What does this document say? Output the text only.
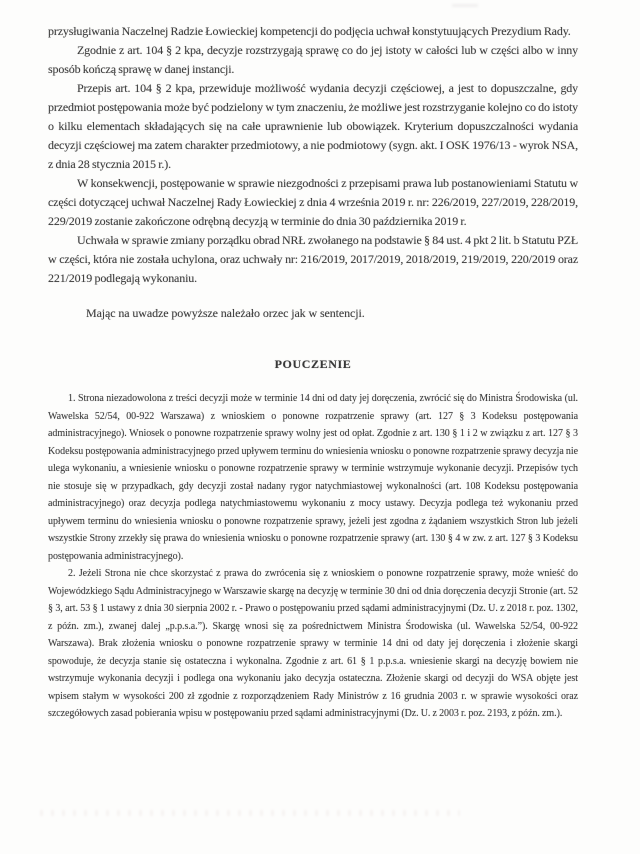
przysługiwania Naczelnej Radzie Łowieckiej kompetencji do podjęcia uchwał konstytuujących Prezydium Rady.

Zgodnie z art. 104 § 2 kpa, decyzje rozstrzygają sprawę co do jej istoty w całości lub w części albo w inny sposób kończą sprawę w danej instancji.

Przepis art. 104 § 2 kpa, przewiduje możliwość wydania decyzji częściowej, a jest to dopuszczalne, gdy przedmiot postępowania może być podzielony w tym znaczeniu, że możliwe jest rozstrzyganie kolejno co do istoty o kilku elementach składających się na całe uprawnienie lub obowiązek. Kryterium dopuszczalności wydania decyzji częściowej ma zatem charakter przedmiotowy, a nie podmiotowy (sygn. akt. I OSK 1976/13 - wyrok NSA, z dnia 28 stycznia 2015 r.).

W konsekwencji, postępowanie w sprawie niezgodności z przepisami prawa lub postanowieniami Statutu w części dotyczącej uchwał Naczelnej Rady Łowieckiej z dnia 4 września 2019 r. nr: 226/2019, 227/2019, 228/2019, 229/2019 zostanie zakończone odrębną decyzją w terminie do dnia 30 października 2019 r.

Uchwała w sprawie zmiany porządku obrad NRŁ zwołanego na podstawie § 84 ust. 4 pkt 2 lit. b Statutu PZŁ w części, która nie została uchylona, oraz uchwały nr: 216/2019, 2017/2019, 2018/2019, 219/2019, 220/2019 oraz 221/2019 podlegają wykonaniu.

Mając na uwadze powyższe należało orzec jak w sentencji.

POUCZENIE

1. Strona niezadowolona z treści decyzji może w terminie 14 dni od daty jej doręczenia, zwrócić się do Ministra Środowiska (ul. Wawelska 52/54, 00-922 Warszawa) z wnioskiem o ponowne rozpatrzenie sprawy (art. 127 § 3 Kodeksu postępowania administracyjnego). Wniosek o ponowne rozpatrzenie sprawy wolny jest od opłat. Zgodnie z art. 130 § 1 i 2 w związku z art. 127 § 3 Kodeksu postępowania administracyjnego przed upływem terminu do wniesienia wniosku o ponowne rozpatrzenie sprawy decyzja nie ulega wykonaniu, a wniesienie wniosku o ponowne rozpatrzenie sprawy w terminie wstrzymuje wykonanie decyzji. Przepisów tych nie stosuje się w przypadkach, gdy decyzji został nadany rygor natychmiastowej wykonalności (art. 108 Kodeksu postępowania administracyjnego) oraz decyzja podlega natychmiastowemu wykonaniu z mocy ustawy. Decyzja podlega też wykonaniu przed upływem terminu do wniesienia wniosku o ponowne rozpatrzenie sprawy, jeżeli jest zgodna z żądaniem wszystkich Stron lub jeżeli wszystkie Strony zrzekły się prawa do wniesienia wniosku o ponowne rozpatrzenie sprawy (art. 130 § 4 w zw. z art. 127 § 3 Kodeksu postępowania administracyjnego).

2. Jeżeli Strona nie chce skorzystać z prawa do zwrócenia się z wnioskiem o ponowne rozpatrzenie sprawy, może wnieść do Wojewódzkiego Sądu Administracyjnego w Warszawie skargę na decyzję w terminie 30 dni od dnia doręczenia decyzji Stronie (art. 52 § 3, art. 53 § 1 ustawy z dnia 30 sierpnia 2002 r. - Prawo o postępowaniu przed sądami administracyjnymi (Dz. U. z 2018 r. poz. 1302, z późn. zm.), zwanej dalej „p.p.s.a.”). Skargę wnosi się za pośrednictwem Ministra Środowiska (ul. Wawelska 52/54, 00-922 Warszawa). Brak złożenia wniosku o ponowne rozpatrzenie sprawy w terminie 14 dni od daty jej doręczenia i złożenie skargi spowoduje, że decyzja stanie się ostateczna i wykonalna. Zgodnie z art. 61 § 1 p.p.s.a. wniesienie skargi na decyzję bowiem nie wstrzymuje wykonania decyzji i podlega ona wykonaniu jako decyzja ostateczna. Złożenie skargi od decyzji do WSA objęte jest wpisem stałym w wysokości 200 zł zgodnie z rozporządzeniem Rady Ministrów z 16 grudnia 2003 r. w sprawie wysokości oraz szczegółowych zasad pobierania wpisu w postępowaniu przed sądami administracyjnymi (Dz. U. z 2003 r. poz. 2193, z późn. zm.).
